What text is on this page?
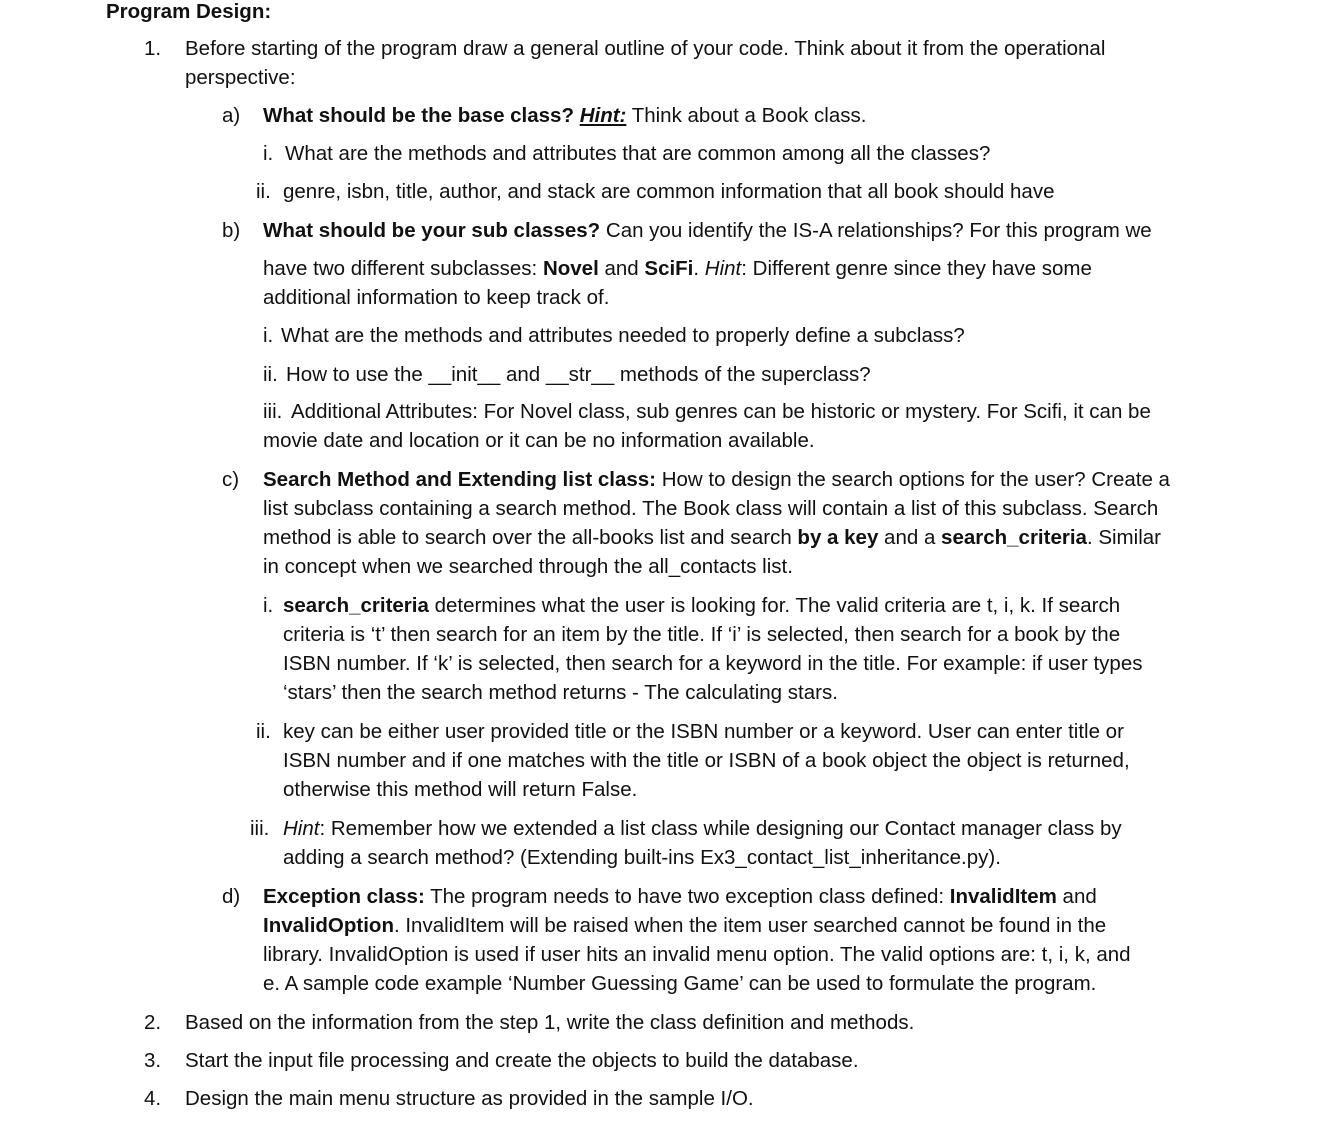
Program Design:
1. Before starting of the program draw a general outline of your code. Think about it from the operational
perspective:
a) What should be the base class? Hint: Think about a Book class.
i. What are the methods and attributes that are common among all the classes?
ii. genre, isbn, title, author, and stack are common information that all book should have
b) What should be your sub classes? Can you identify the IS-A relationships? For this program we
have two different subclasses: Novel and SciFi. Hint: Different genre since they have some
additional information to keep track of.
i. What are the methods and attributes needed to properly define a subclass?
ii. How to use the __init__ and __str__ methods of the superclass?
iii. Additional Attributes: For Novel class, sub genres can be historic or mystery. For Scifi, it can be
movie date and location or it can be no information available.
c) Search Method and Extending list class: How to design the search options for the user? Create a
list subclass containing a search method. The Book class will contain a list of this subclass. Search
method is able to search over the all-books list and search by a key and a search_criteria. Similar
in concept when we searched through the all_contacts list.
i. search_criteria determines what the user is looking for. The valid criteria are t, i, k. If search
criteria is ‘t’ then search for an item by the title. If ‘i’ is selected, then search for a book by the
ISBN number. If ‘k’ is selected, then search for a keyword in the title. For example: if user types
‘stars’ then the search method returns - The calculating stars.
ii. key can be either user provided title or the ISBN number or a keyword. User can enter title or
ISBN number and if one matches with the title or ISBN of a book object the object is returned,
otherwise this method will return False.
iii. Hint: Remember how we extended a list class while designing our Contact manager class by
adding a search method? (Extending built-ins Ex3_contact_list_inheritance.py).
d) Exception class: The program needs to have two exception class defined: InvalidItem and
InvalidOption. InvalidItem will be raised when the item user searched cannot be found in the
library. InvalidOption is used if user hits an invalid menu option. The valid options are: t, i, k, and
e. A sample code example ‘Number Guessing Game’ can be used to formulate the program.
2. Based on the information from the step 1, write the class definition and methods.
3. Start the input file processing and create the objects to build the database.
4. Design the main menu structure as provided in the sample I/O.
